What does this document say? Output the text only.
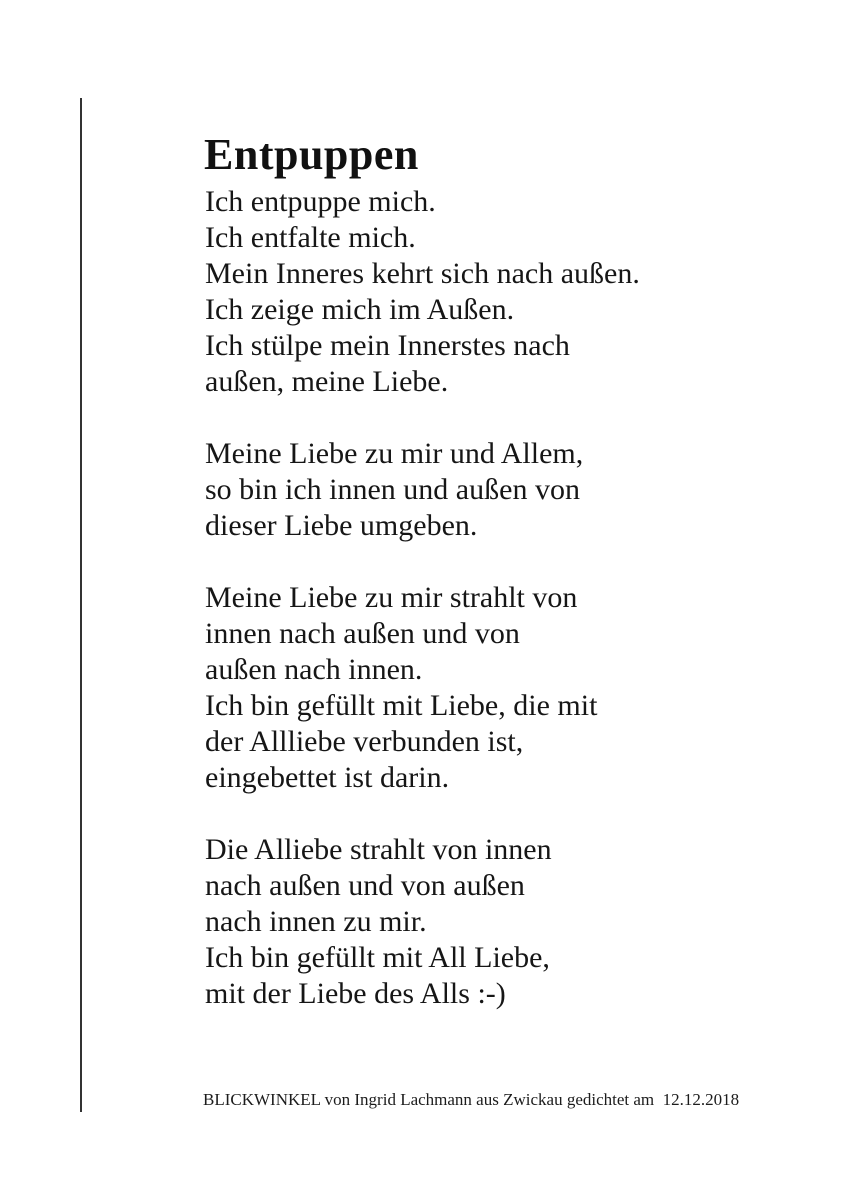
Entpuppen
Ich entpuppe mich.
Ich entfalte mich.
Mein Inneres kehrt sich nach außen.
Ich zeige mich im Außen.
Ich stülpe mein Innerstes nach
außen, meine Liebe.
Meine Liebe zu mir und Allem,
so bin ich innen und außen von
dieser Liebe umgeben.
Meine Liebe zu mir strahlt von
innen nach außen und von
außen nach innen.
Ich bin gefüllt mit Liebe, die mit
der Allliebe verbunden ist,
eingebettet ist darin.
Die Alliebe strahlt von innen
nach außen und von außen
nach innen zu mir.
Ich bin gefüllt mit All Liebe,
mit der Liebe des Alls :-)
BLICKWINKEL von Ingrid Lachmann aus Zwickau gedichtet am  12.12.2018
